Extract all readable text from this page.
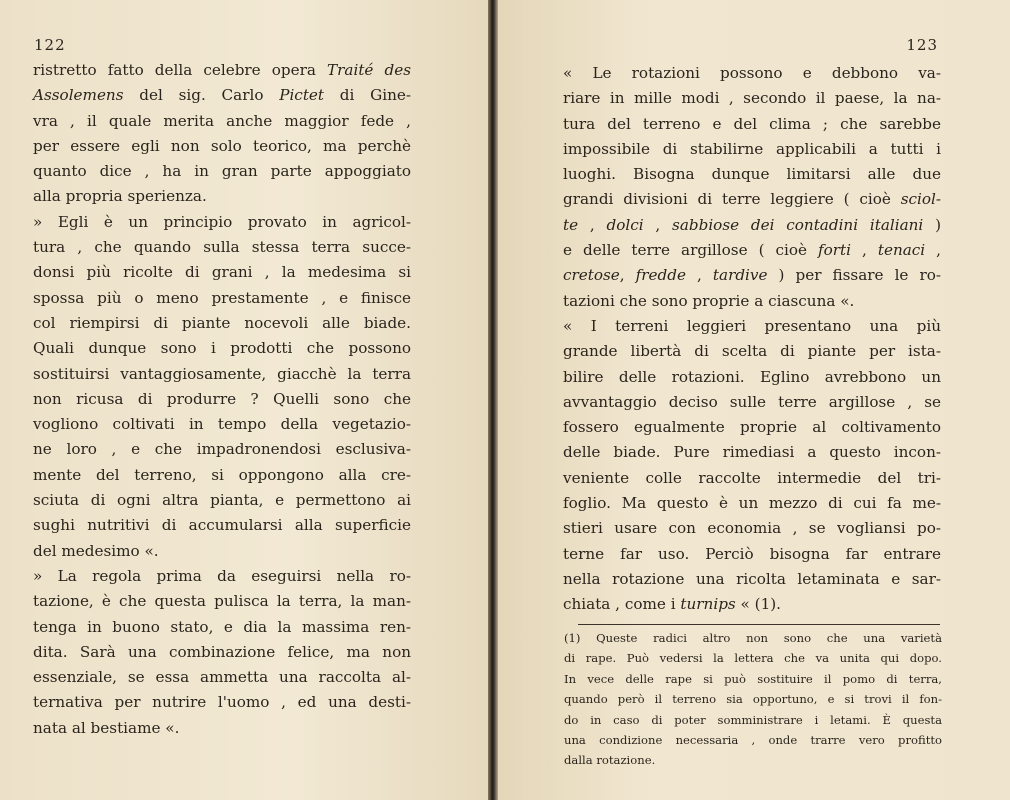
122
ristretto fatto della celebre opera Traité des
Assolemens del sig. Carlo Pictet di Gine-
vra , il quale merita anche maggior fede ,
per essere egli non solo teorico, ma perchè
quanto dice , ha in gran parte appoggiato
alla propria sperienza.
» Egli è un principio provato in agricol-
tura , che quando sulla stessa terra succe-
donsi più ricolte di grani , la medesima si
spossa più o meno prestamente , e finisce
col riempirsi di piante nocevoli alle biade.
Quali dunque sono i prodotti che possono
sostituirsi vantaggiosamente, giacchè la terra
non ricusa di produrre ? Quelli sono che
vogliono coltivati in tempo della vegetazio-
ne loro , e che impadronendosi esclusiva-
mente del terreno, si oppongono alla cre-
sciuta di ogni altra pianta, e permettono ai
sughi nutritivi di accumularsi alla superficie
del medesimo «.
» La regola prima da eseguirsi nella ro-
tazione, è che questa pulisca la terra, la man-
tenga in buono stato, e dia la massima ren-
dita. Sarà una combinazione felice, ma non
essenziale, se essa ammetta una raccolta al-
ternativa per nutrire l'uomo , ed una desti-
nata al bestiame «.
123
« Le rotazioni possono e debbono va-
riare in mille modi , secondo il paese, la na-
tura del terreno e del clima ; che sarebbe
impossibile di stabilirne applicabili a tutti i
luoghi. Bisogna dunque limitarsi alle due
grandi divisioni di terre leggiere ( cioè sciol-
te , dolci , sabbiose dei contadini italiani )
e delle terre argillose ( cioè forti , tenaci ,
cretose, fredde , tardive ) per fissare le ro-
tazioni che sono proprie a ciascuna «.
« I terreni leggieri presentano una più
grande libertà di scelta di piante per ista-
bilire delle rotazioni. Eglino avrebbono un
avvantaggio deciso sulle terre argillose , se
fossero egualmente proprie al coltivamento
delle biade. Pure rimediasi a questo incon-
veniente colle raccolte intermedie del tri-
foglio. Ma questo è un mezzo di cui fa me-
stieri usare con economia , se vogliansi po-
terne far uso. Perciò bisogna far entrare
nella rotazione una ricolta letaminata e sar-
chiata , come i turnips « (1).
(1) Queste radici altro non sono che una varietà
di rape. Può vedersi la lettera che va unita qui dopo.
In vece delle rape si può sostituire il pomo di terra,
quando però il terreno sia opportuno, e si trovi il fon-
do in caso di poter somministrare i letami. È questa
una condizione necessaria , onde trarre vero profitto
dalla rotazione.
